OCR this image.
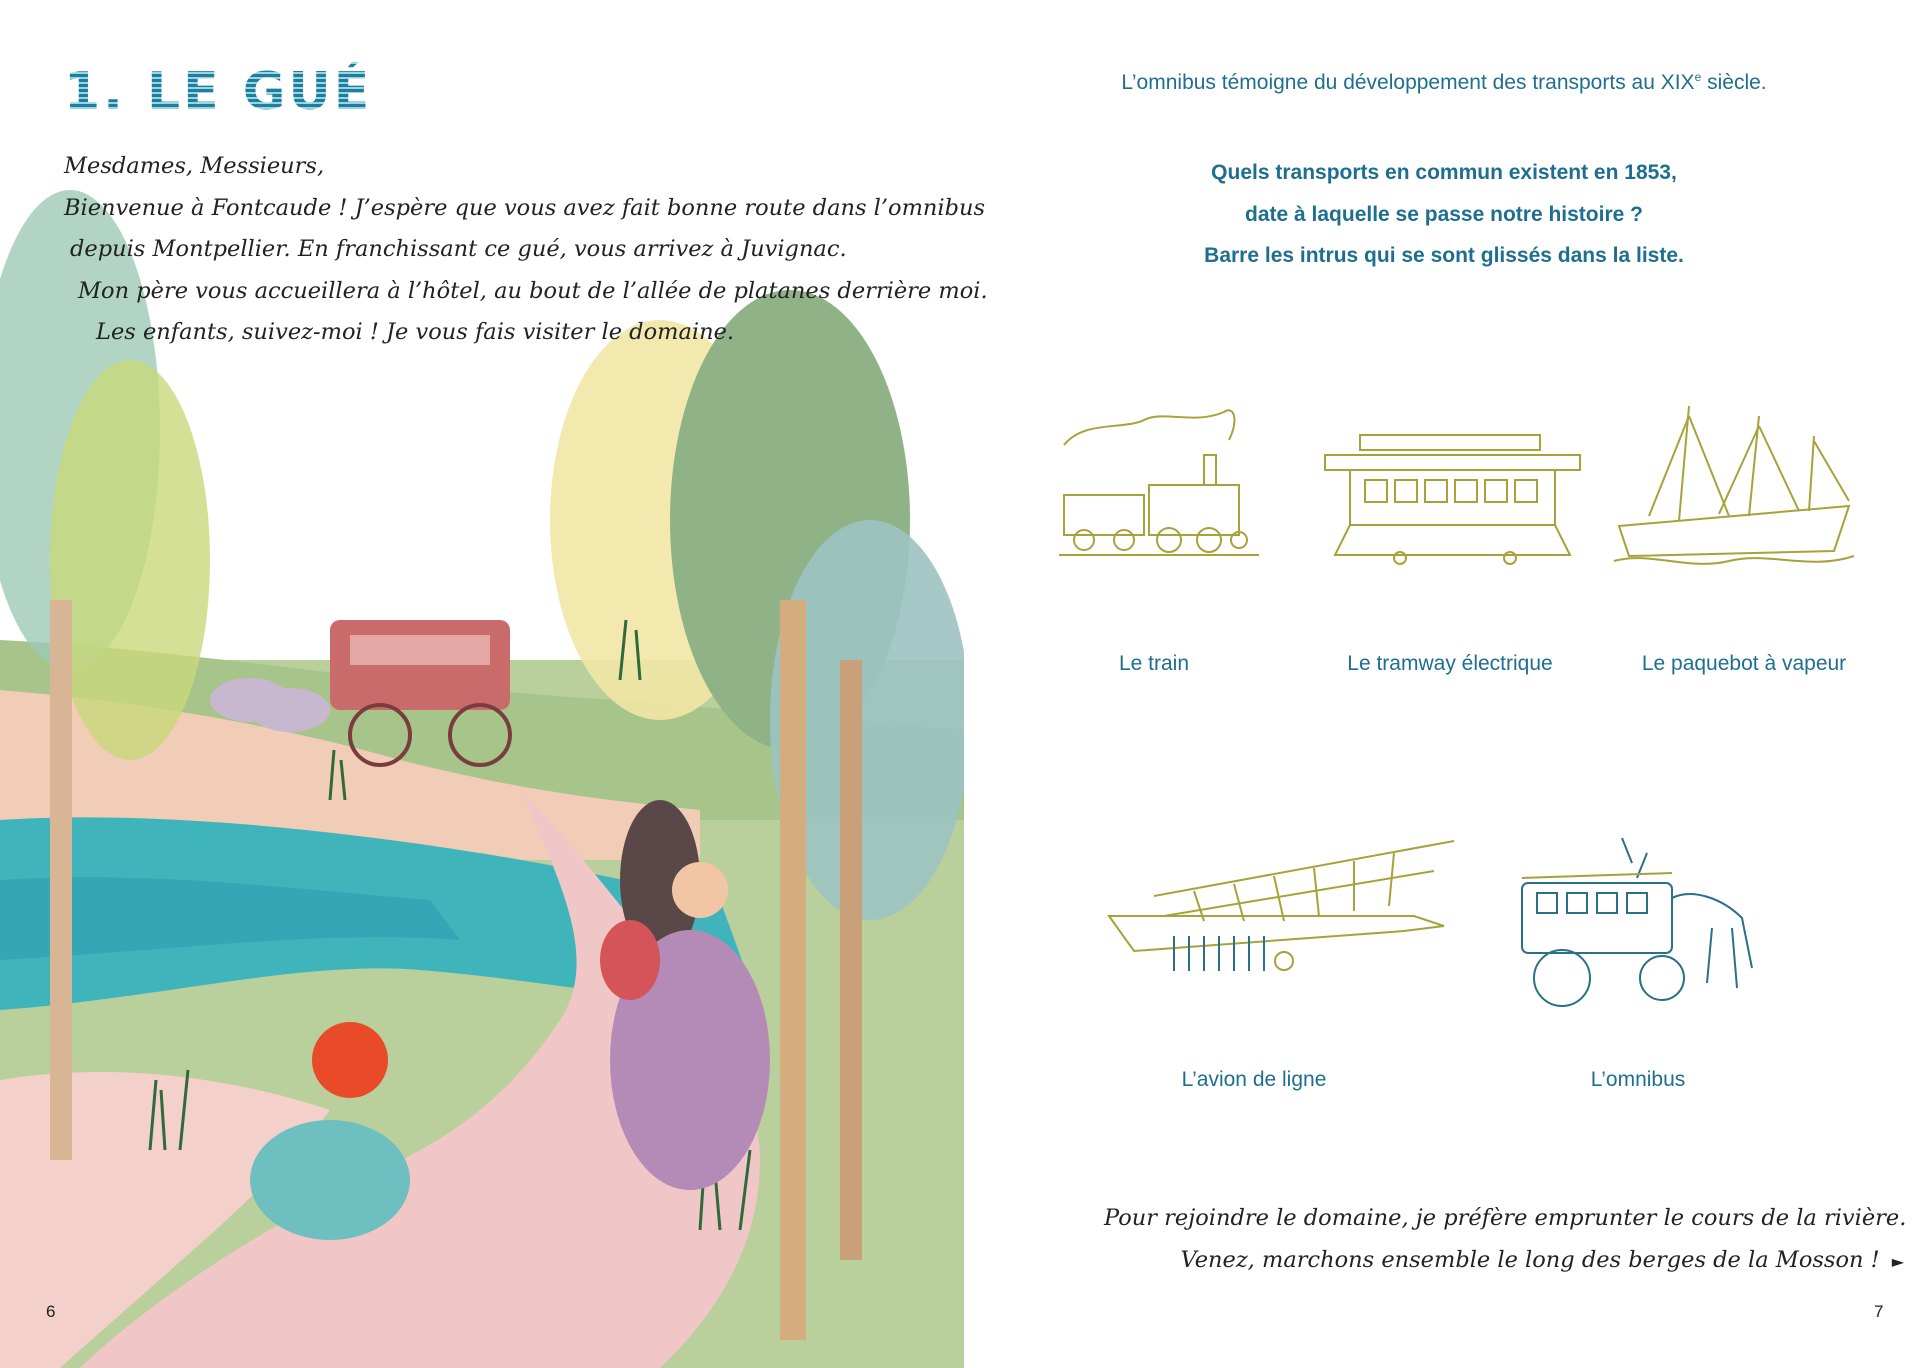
1. LE GUÉ
Mesdames, Messieurs,
Bienvenue à Fontcaude ! J’espère que vous avez fait bonne route dans l’omnibus
depuis Montpellier. En franchissant ce gué, vous arrivez à Juvignac.
Mon père vous accueillera à l’hôtel, au bout de l’allée de platanes derrière moi.
Les enfants, suivez-moi ! Je vous fais visiter le domaine.
6
L’omnibus témoigne du développement des transports au XIXe siècle.
Quels transports en commun existent en 1853,
date à laquelle se passe notre histoire ?
Barre les intrus qui se sont glissés dans la liste.
Le train	Le tramway électrique	Le paquebot à vapeur
L’avion de ligne	L’omnibus
Pour rejoindre le domaine, je préfère emprunter le cours de la rivière.
Venez, marchons ensemble le long des berges de la Mosson ! ►
7
